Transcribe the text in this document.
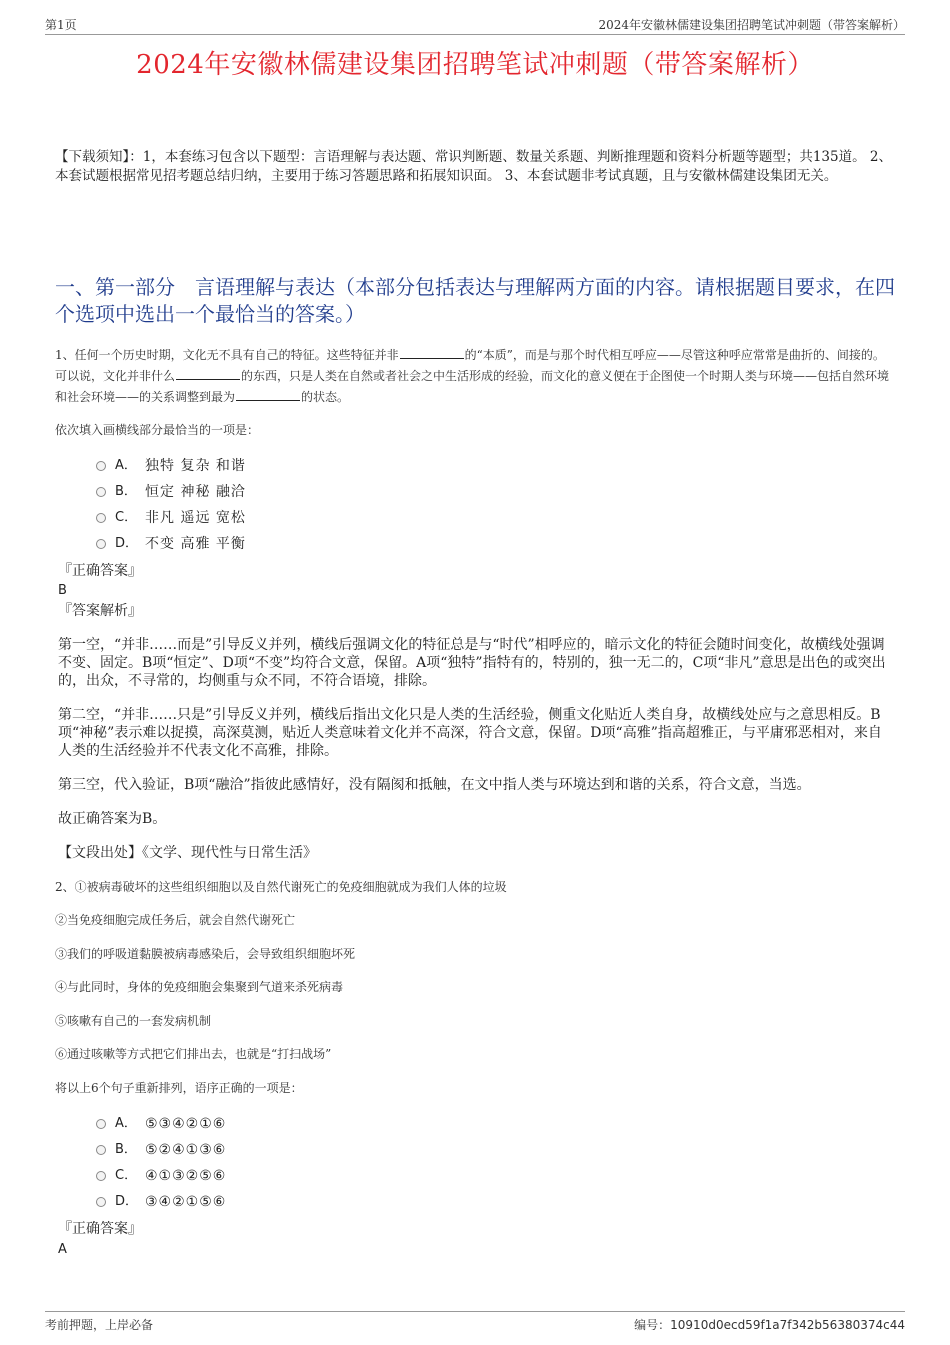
第1页	2024年安徽林儒建设集团招聘笔试冲刺题（带答案解析）
2024年安徽林儒建设集团招聘笔试冲刺题（带答案解析）
【下载须知】：1，本套练习包含以下题型：言语理解与表达题、常识判断题、数量关系题、判断推理题和资料分析题等题型；共135道。 2、本套试题根据常见招考题总结归纳，主要用于练习答题思路和拓展知识面。 3、本套试题非考试真题，且与安徽林儒建设集团无关。
一、第一部分　言语理解与表达（本部分包括表达与理解两方面的内容。请根据题目要求，在四个选项中选出一个最恰当的答案。）
1、任何一个历史时期，文化无不具有自己的特征。这些特征并非	的“本质”，而是与那个时代相互呼应——尽管这种呼应常常是曲折的、间接的。可以说，文化并非什么	的东西，只是人类在自然或者社会之中生活形成的经验，而文化的意义便在于企图使一个时期人类与环境——包括自然环境和社会环境——的关系调整到最为	的状态。
依次填入画横线部分最恰当的一项是：
A． 独特 复杂 和谐
B． 恒定 神秘 融洽
C． 非凡 遥远 宽松
D． 不变 高雅 平衡
『正确答案』
B
『答案解析』
第一空，“并非……而是”引导反义并列，横线后强调文化的特征总是与“时代”相呼应的，暗示文化的特征会随时间变化，故横线处强调不变、固定。B项“恒定”、D项“不变”均符合文意，保留。A项“独特”指特有的，特别的，独一无二的，C项“非凡”意思是出色的或突出的，出众，不寻常的，均侧重与众不同，不符合语境，排除。
第二空，“并非……只是”引导反义并列，横线后指出文化只是人类的生活经验，侧重文化贴近人类自身，故横线处应与之意思相反。B项“神秘”表示难以捉摸，高深莫测，贴近人类意味着文化并不高深，符合文意，保留。D项“高雅”指高超雅正，与平庸邪恶相对，来自人类的生活经验并不代表文化不高雅，排除。
第三空，代入验证，B项“融洽”指彼此感情好，没有隔阂和抵触，在文中指人类与环境达到和谐的关系，符合文意，当选。
故正确答案为B。
【文段出处】《文学、现代性与日常生活》
2、①被病毒破坏的这些组织细胞以及自然代谢死亡的免疫细胞就成为我们人体的垃圾
②当免疫细胞完成任务后，就会自然代谢死亡
③我们的呼吸道黏膜被病毒感染后，会导致组织细胞坏死
④与此同时，身体的免疫细胞会集聚到气道来杀死病毒
⑤咳嗽有自己的一套发病机制
⑥通过咳嗽等方式把它们排出去，也就是“打扫战场”
将以上6个句子重新排列，语序正确的一项是：
A． ⑤③④②①⑥
B． ⑤②④①③⑥
C． ④①③②⑤⑥
D． ③④②①⑤⑥
『正确答案』
A
考前押题，上岸必备	编号：10910d0ecd59f1a7f342b56380374c44
